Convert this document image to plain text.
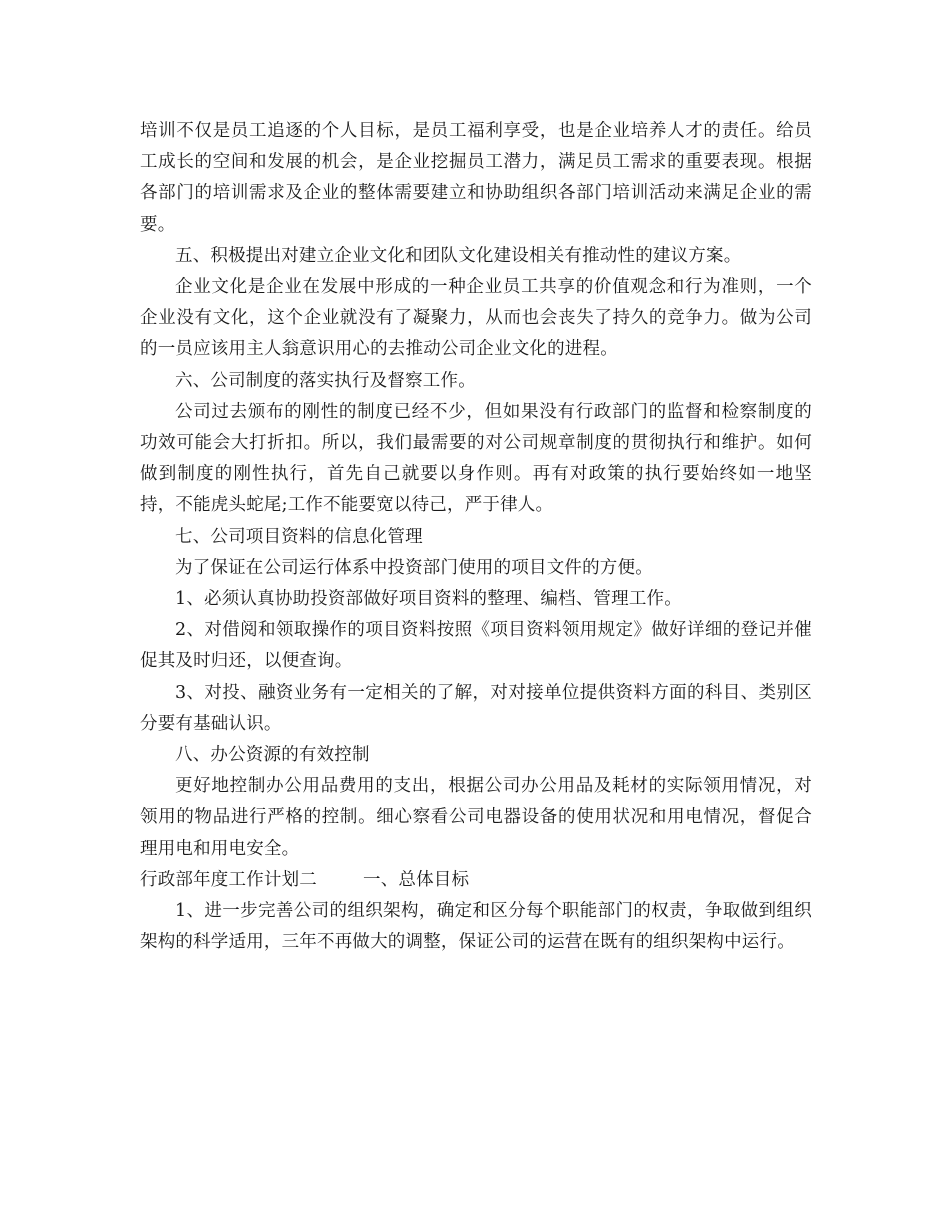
培训不仅是员工追逐的个人目标，是员工福利享受，也是企业培养人才的责任。给员工成长的空间和发展的机会，是企业挖掘员工潜力，满足员工需求的重要表现。根据各部门的培训需求及企业的整体需要建立和协助组织各部门培训活动来满足企业的需要。

五、积极提出对建立企业文化和团队文化建设相关有推动性的建议方案。

企业文化是企业在发展中形成的一种企业员工共享的价值观念和行为准则，一个企业没有文化，这个企业就没有了凝聚力，从而也会丧失了持久的竞争力。做为公司的一员应该用主人翁意识用心的去推动公司企业文化的进程。

六、公司制度的落实执行及督察工作。

公司过去颁布的刚性的制度已经不少，但如果没有行政部门的监督和检察制度的功效可能会大打折扣。所以，我们最需要的对公司规章制度的贯彻执行和维护。如何做到制度的刚性执行，首先自己就要以身作则。再有对政策的执行要始终如一地坚持，不能虎头蛇尾;工作不能要宽以待己，严于律人。

七、公司项目资料的信息化管理

为了保证在公司运行体系中投资部门使用的项目文件的方便。

1、必须认真协助投资部做好项目资料的整理、编档、管理工作。

2、对借阅和领取操作的项目资料按照《项目资料领用规定》做好详细的登记并催促其及时归还，以便查询。

3、对投、融资业务有一定相关的了解，对对接单位提供资料方面的科目、类别区分要有基础认识。

八、办公资源的有效控制

更好地控制办公用品费用的支出，根据公司办公用品及耗材的实际领用情况，对领用的物品进行严格的控制。细心察看公司电器设备的使用状况和用电情况，督促合理用电和用电安全。

行政部年度工作计划二	一、总体目标

1、进一步完善公司的组织架构，确定和区分每个职能部门的权责，争取做到组织架构的科学适用，三年不再做大的调整，保证公司的运营在既有的组织架构中运行。
